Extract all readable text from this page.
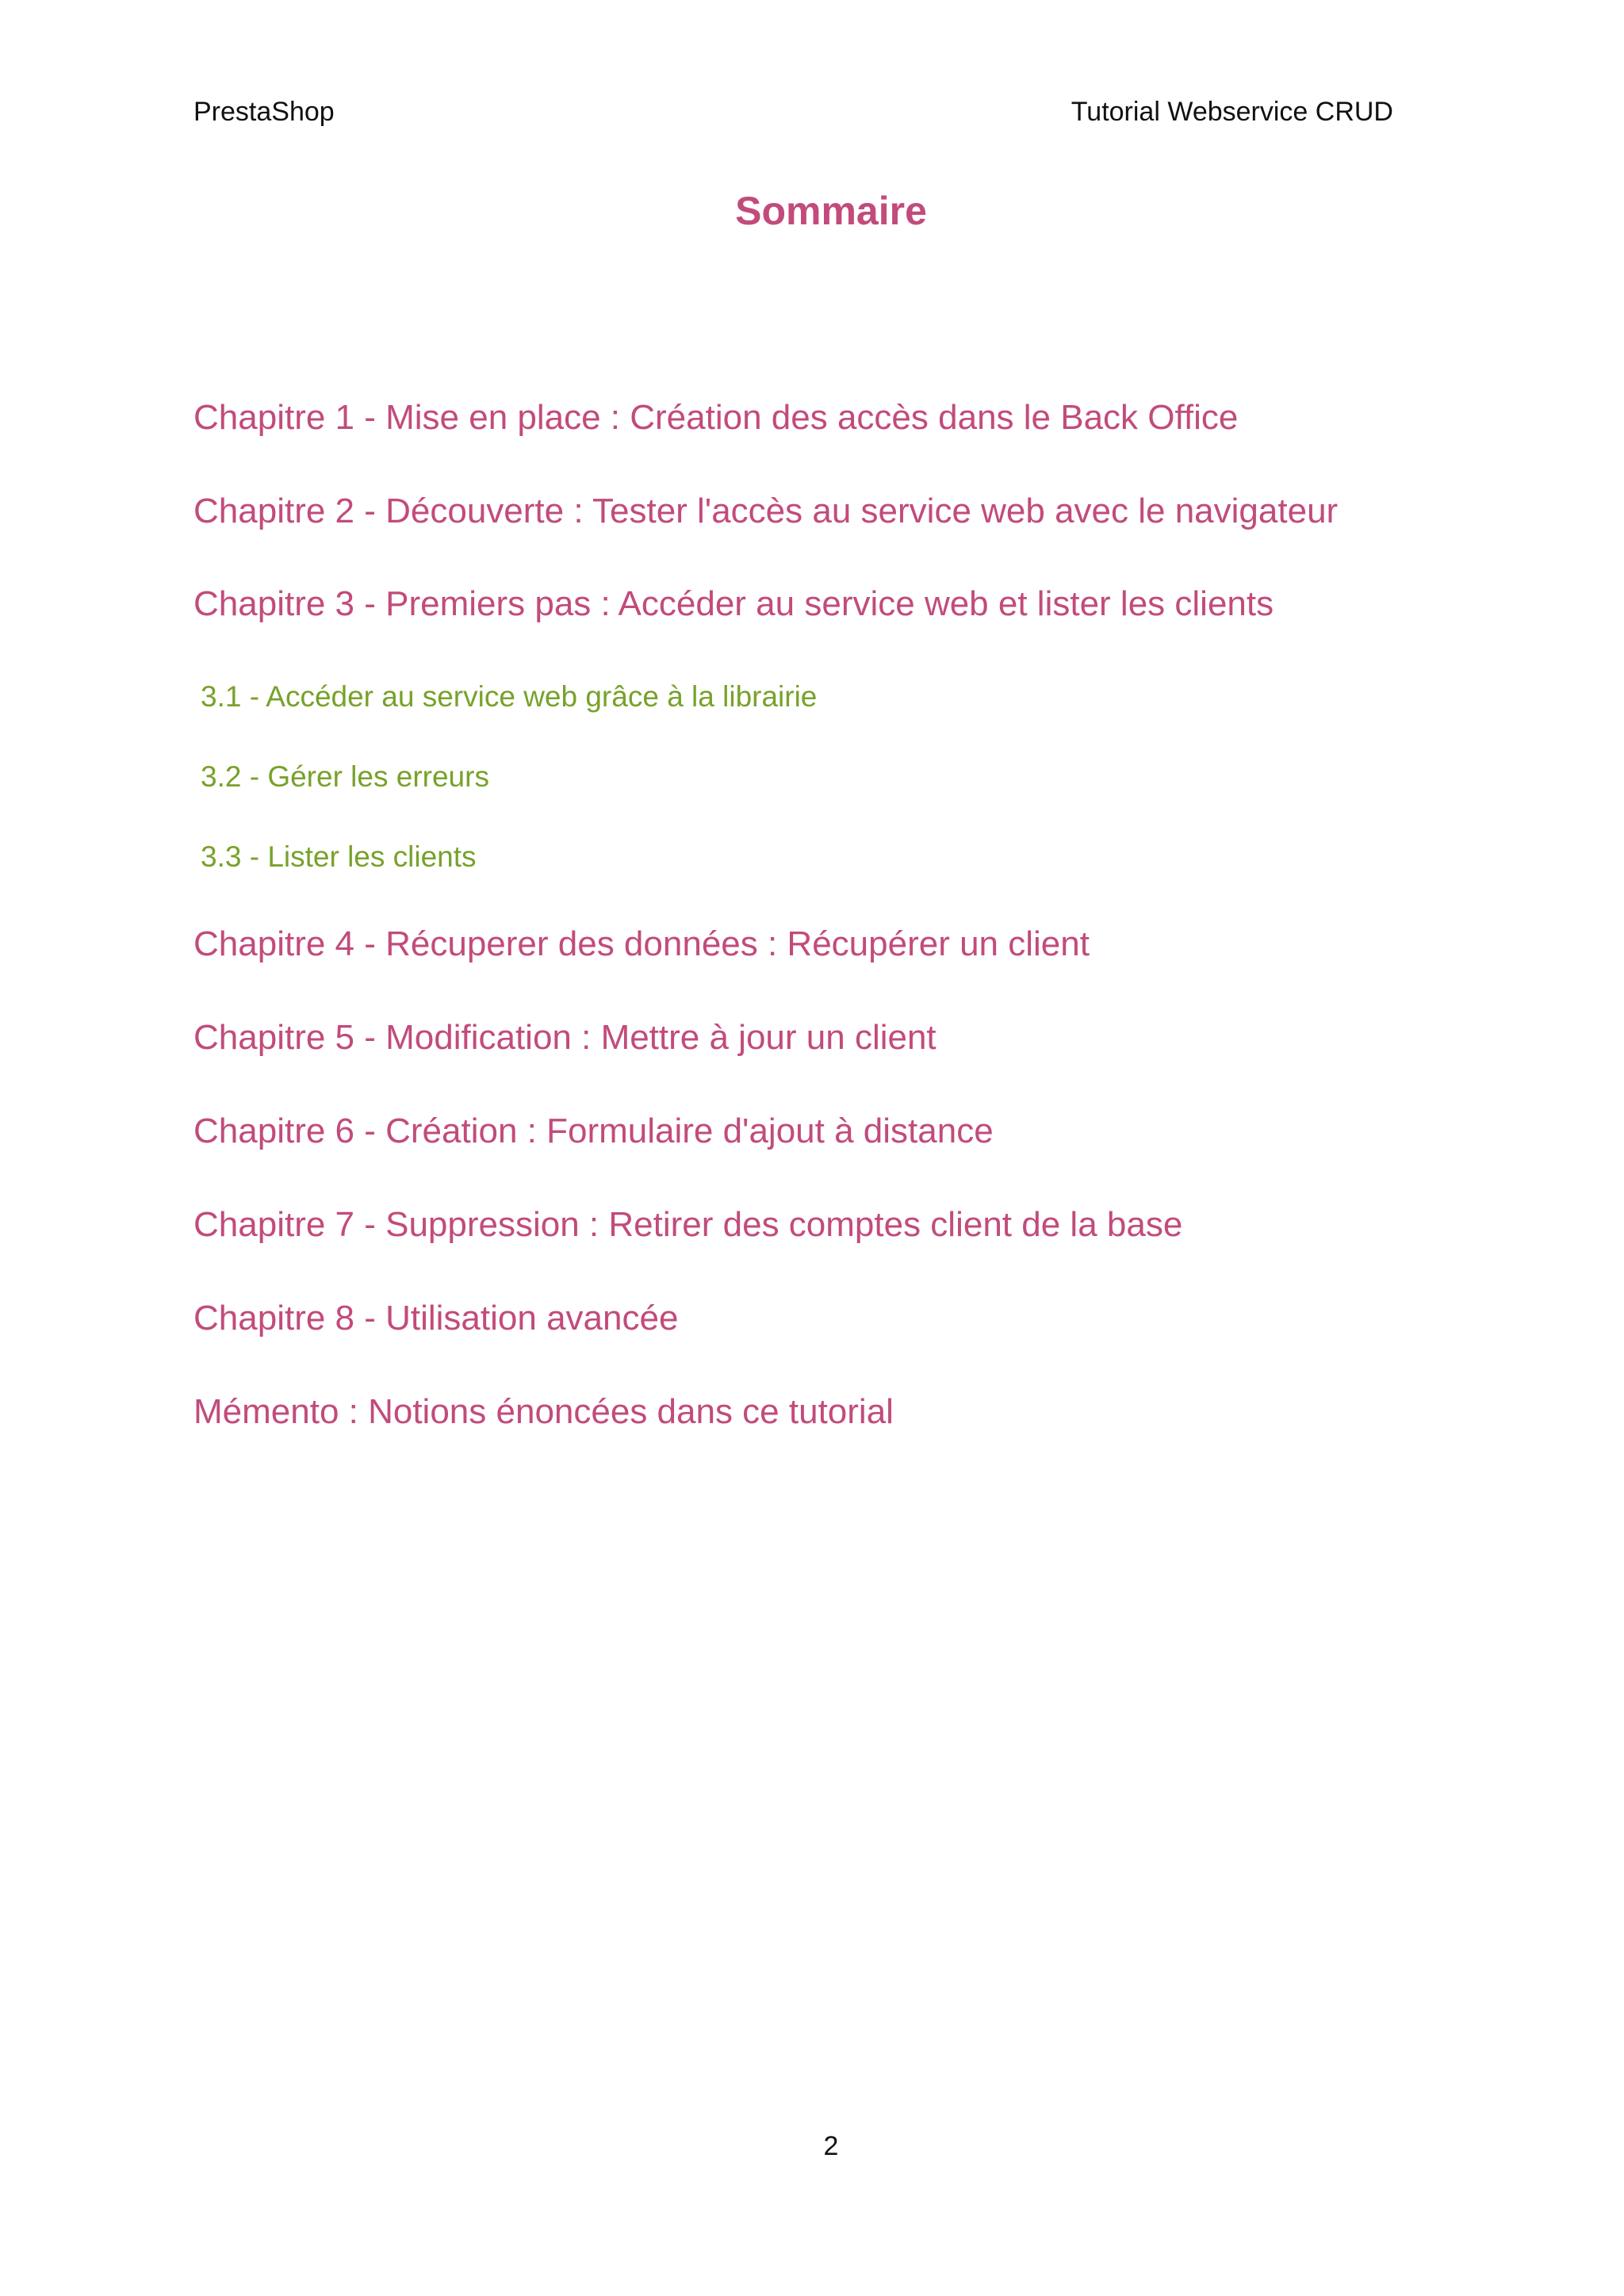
PrestaShop	Tutorial Webservice CRUD
Sommaire
Chapitre 1 - Mise en place : Création des accès dans le Back Office
Chapitre 2 - Découverte : Tester l'accès au service web avec le navigateur
Chapitre 3 - Premiers pas : Accéder au service web et lister les clients
3.1 - Accéder au service web grâce à la librairie
3.2 - Gérer les erreurs
3.3 - Lister les clients
Chapitre 4 - Récuperer des données : Récupérer un client
Chapitre 5 - Modification : Mettre à jour un client
Chapitre 6 - Création : Formulaire d'ajout à distance
Chapitre 7 - Suppression : Retirer des comptes client de la base
Chapitre 8 - Utilisation avancée
Mémento : Notions énoncées dans ce tutorial
2
